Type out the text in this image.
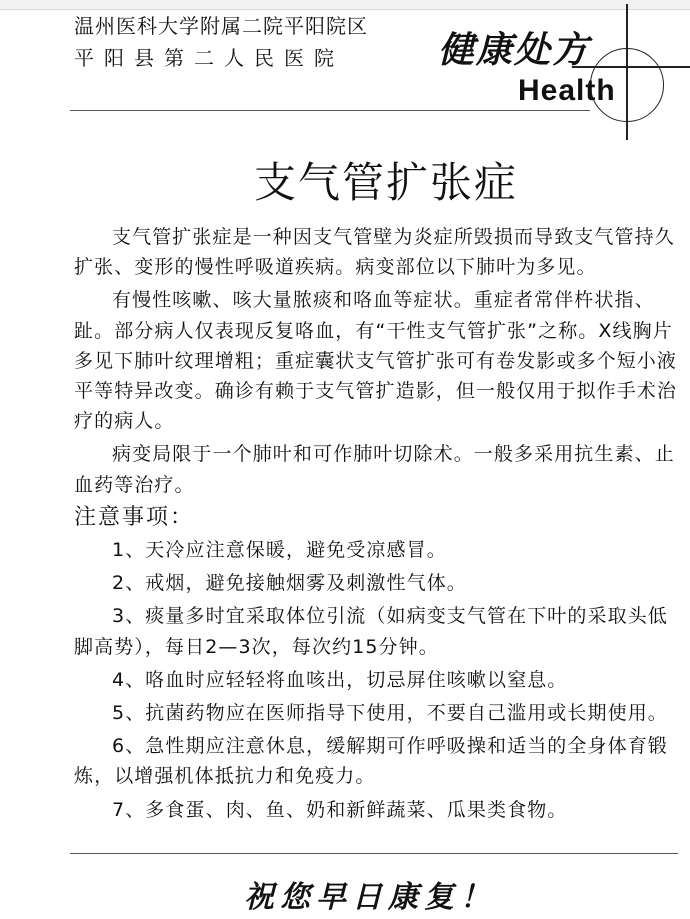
温州医科大学附属二院平阳院区
平阳县第二人民医院	健康处方
Health
支气管扩张症

支气管扩张症是一种因支气管壁为炎症所毁损而导致支气管持久扩张、变形的慢性呼吸道疾病。病变部位以下肺叶为多见。

有慢性咳嗽、咳大量脓痰和咯血等症状。重症者常伴杵状指、趾。部分病人仅表现反复咯血，有“干性支气管扩张”之称。X线胸片多见下肺叶纹理增粗；重症囊状支气管扩张可有卷发影或多个短小液平等特异改变。确诊有赖于支气管扩造影，但一般仅用于拟作手术治疗的病人。

病变局限于一个肺叶和可作肺叶切除术。一般多采用抗生素、止血药等治疗。

注意事项：

1、天冷应注意保暖，避免受凉感冒。

2、戒烟，避免接触烟雾及刺激性气体。

3、痰量多时宜采取体位引流（如病变支气管在下叶的采取头低脚高势），每日2—3次，每次约15分钟。

4、咯血时应轻轻将血咳出，切忌屏住咳嗽以窒息。

5、抗菌药物应在医师指导下使用，不要自己滥用或长期使用。

6、急性期应注意休息，缓解期可作呼吸操和适当的全身体育锻炼，以增强机体抵抗力和免疫力。

7、多食蛋、肉、鱼、奶和新鲜蔬菜、瓜果类食物。

祝您早日康复！
